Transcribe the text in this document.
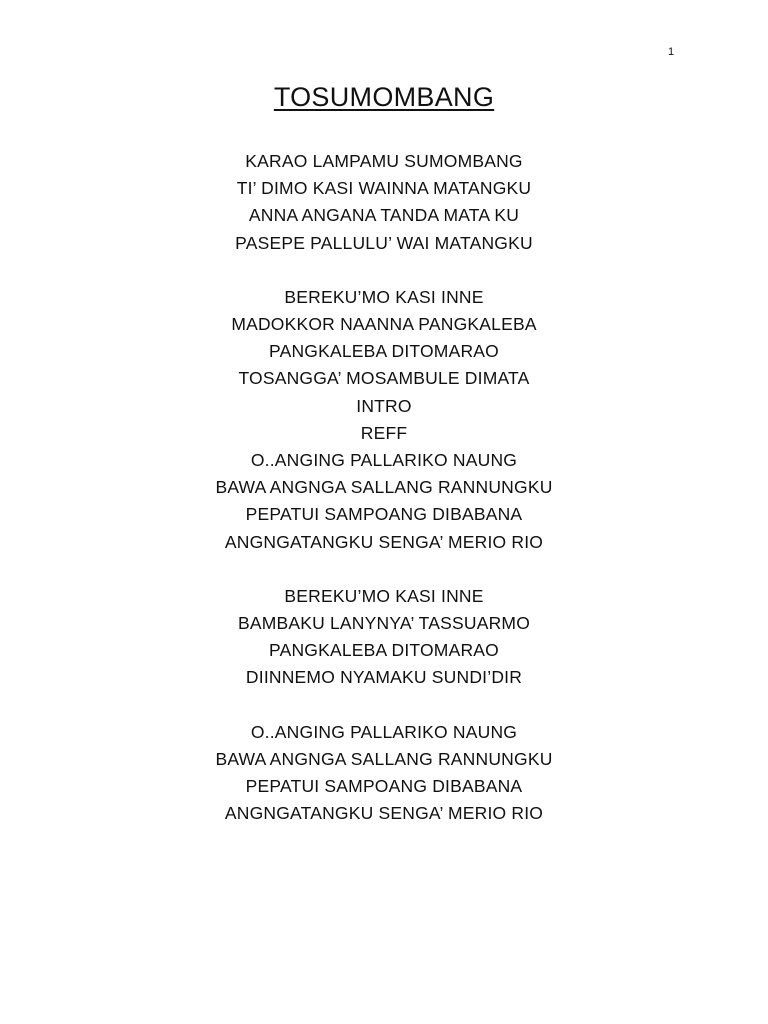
1
TOSUMOMBANG
KARAO LAMPAMU SUMOMBANG
TI’ DIMO KASI WAINNA MATANGKU
ANNA ANGANA TANDA MATA KU
PASEPE PALLULU’ WAI MATANGKU
BEREKU’MO KASI INNE
MADOKKOR NAANNA PANGKALEBA
PANGKALEBA DITOMARAO
TOSANGGA’ MOSAMBULE DIMATA
INTRO
REFF
O..ANGING PALLARIKO NAUNG
BAWA ANGNGA SALLANG RANNUNGKU
PEPATUI SAMPOANG DIBABANA
ANGNGATANGKU SENGA’ MERIO RIO
BEREKU’MO KASI INNE
BAMBAKU LANYNYA’ TASSUARMO
PANGKALEBA DITOMARAO
DIINNEMO NYAMAKU SUNDI’DIR
O..ANGING PALLARIKO NAUNG
BAWA ANGNGA SALLANG RANNUNGKU
PEPATUI SAMPOANG DIBABANA
ANGNGATANGKU SENGA’ MERIO RIO
